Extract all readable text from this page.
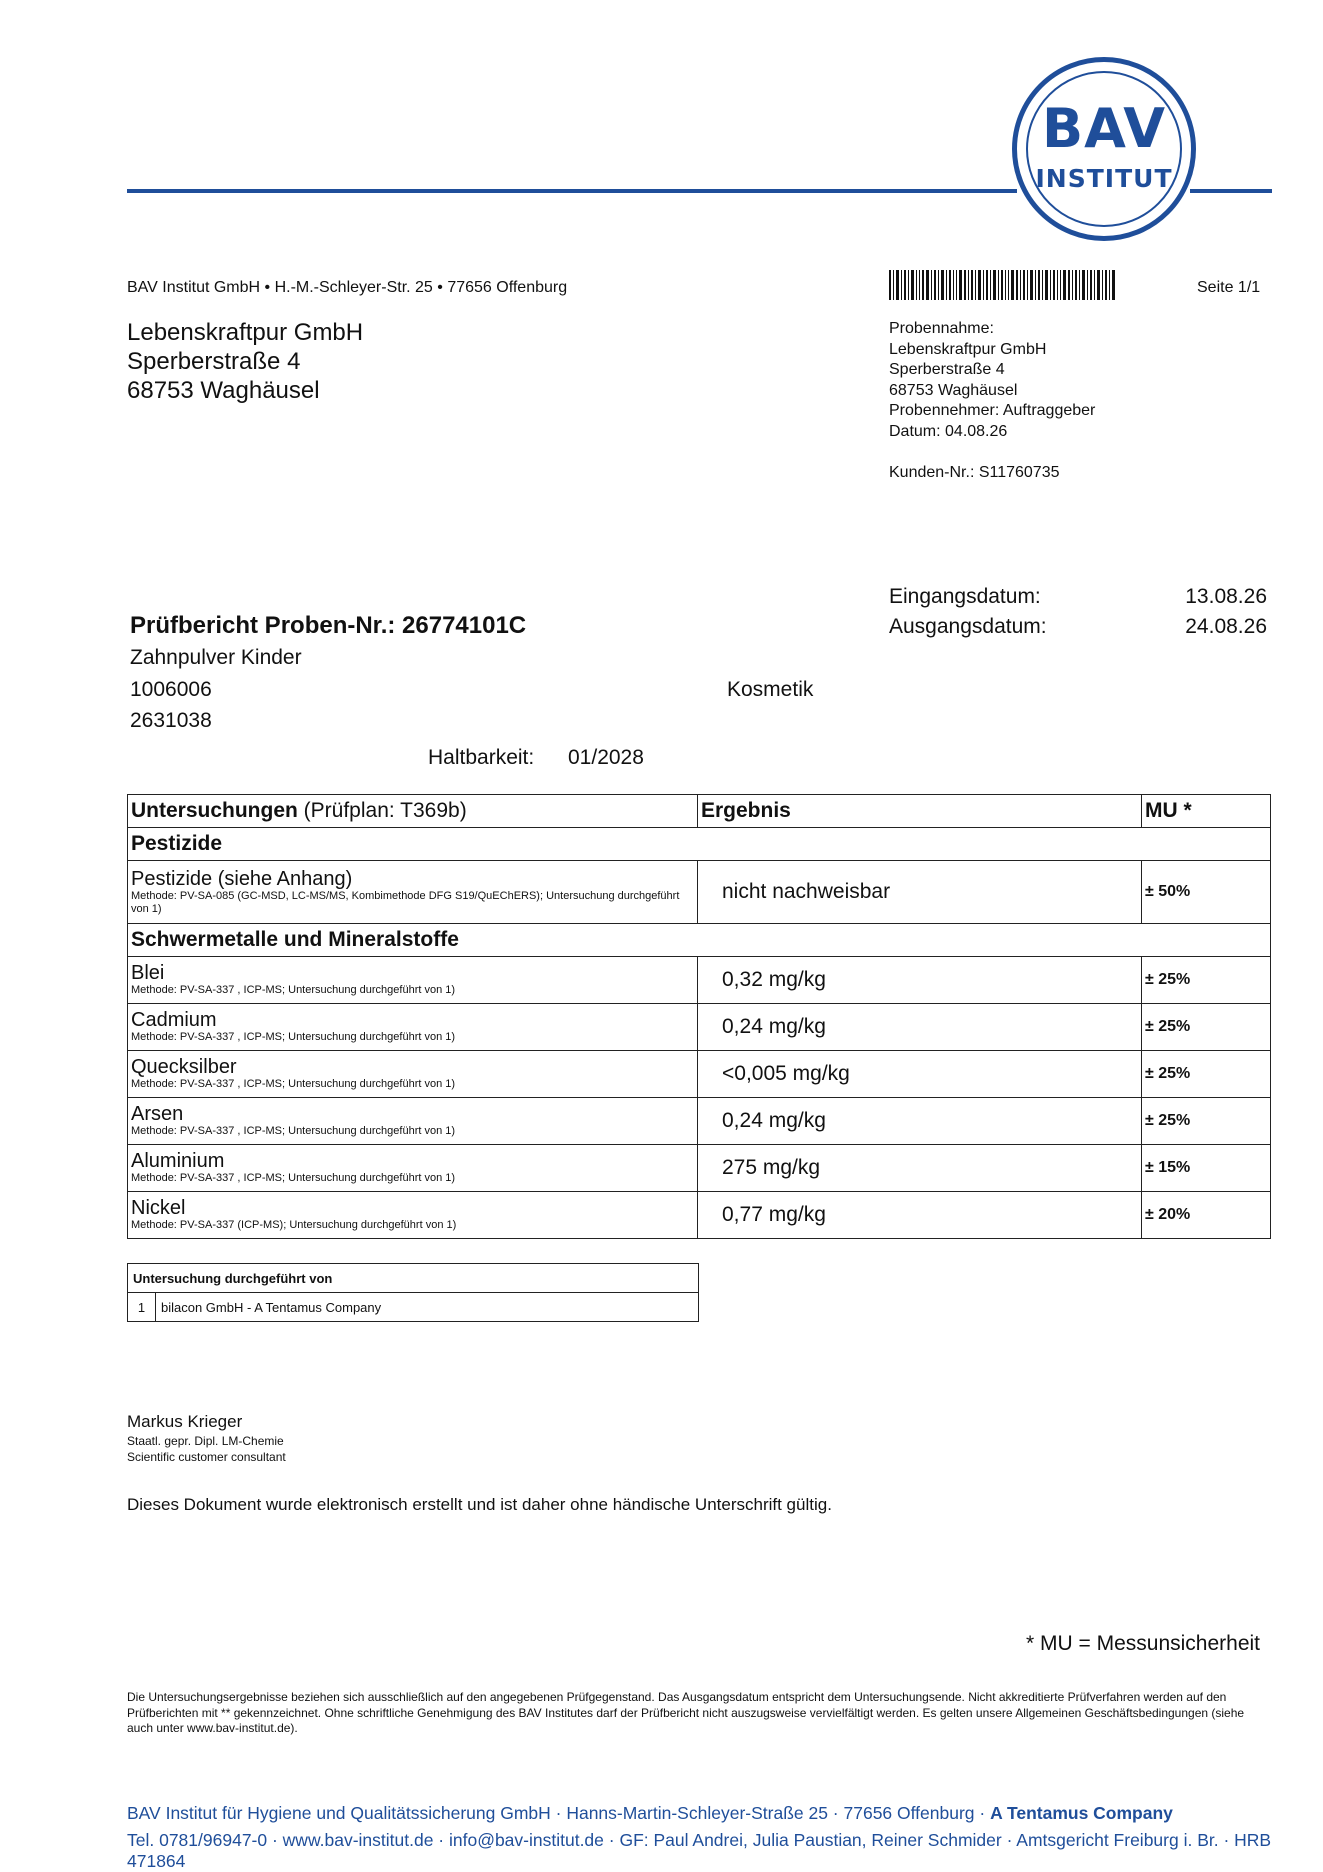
BAV
INSTITUT
BAV Institut GmbH • H.-M.-Schleyer-Str. 25 • 77656 Offenburg	Seite 1/1
Lebenskraftpur GmbH
Sperberstraße 4
68753 Waghäusel
Probennahme:
Lebenskraftpur GmbH
Sperberstraße 4
68753 Waghäusel
Probennehmer: Auftraggeber
Datum: 04.08.26
Kunden-Nr.: S11760735
Eingangsdatum:	13.08.26
Ausgangsdatum:	24.08.26
Prüfbericht Proben-Nr.: 26774101C
Zahnpulver Kinder
1006006	Kosmetik
2631038
Haltbarkeit: 01/2028
Untersuchungen (Prüfplan: T369b)	Ergebnis	MU *
Pestizide		

Pestizide (siehe Anhang)
Methode: PV-SA-085 (GC-MSD, LC-MS/MS, Kombimethode DFG S19/QuEChERS); Untersuchung durchgeführt von 1)	nicht nachweisbar	± 50%
Schwermetalle und Mineralstoffe		

Blei
Methode: PV-SA-337 , ICP-MS; Untersuchung durchgeführt von 1)	0,32 mg/kg	± 25%

Cadmium
Methode: PV-SA-337 , ICP-MS; Untersuchung durchgeführt von 1)	0,24 mg/kg	± 25%

Quecksilber
Methode: PV-SA-337 , ICP-MS; Untersuchung durchgeführt von 1)	<0,005 mg/kg	± 25%

Arsen
Methode: PV-SA-337 , ICP-MS; Untersuchung durchgeführt von 1)	0,24 mg/kg	± 25%

Aluminium
Methode: PV-SA-337 , ICP-MS; Untersuchung durchgeführt von 1)	275 mg/kg	± 15%

Nickel
Methode: PV-SA-337 (ICP-MS); Untersuchung durchgeführt von 1)	0,77 mg/kg	± 20%
Untersuchung durchgeführt von
1	bilacon GmbH - A Tentamus Company
Markus Krieger
Staatl. gepr. Dipl. LM-Chemie
Scientific customer consultant
Dieses Dokument wurde elektronisch erstellt und ist daher ohne händische Unterschrift gültig.
* MU = Messunsicherheit
Die Untersuchungsergebnisse beziehen sich ausschließlich auf den angegebenen Prüfgegenstand. Das Ausgangsdatum entspricht dem Untersuchungsende. Nicht akkreditierte Prüfverfahren werden auf den Prüfberichten mit ** gekennzeichnet. Ohne schriftliche Genehmigung des BAV Institutes darf der Prüfbericht nicht auszugsweise vervielfältigt werden. Es gelten unsere Allgemeinen Geschäftsbedingungen (siehe auch unter www.bav-institut.de).
BAV Institut für Hygiene und Qualitätssicherung GmbH · Hanns-Martin-Schleyer-Straße 25 · 77656 Offenburg · A Tentamus Company
Tel. 0781/96947-0 · www.bav-institut.de · info@bav-institut.de · GF: Paul Andrei, Julia Paustian, Reiner Schmider · Amtsgericht Freiburg i. Br. · HRB 471864
